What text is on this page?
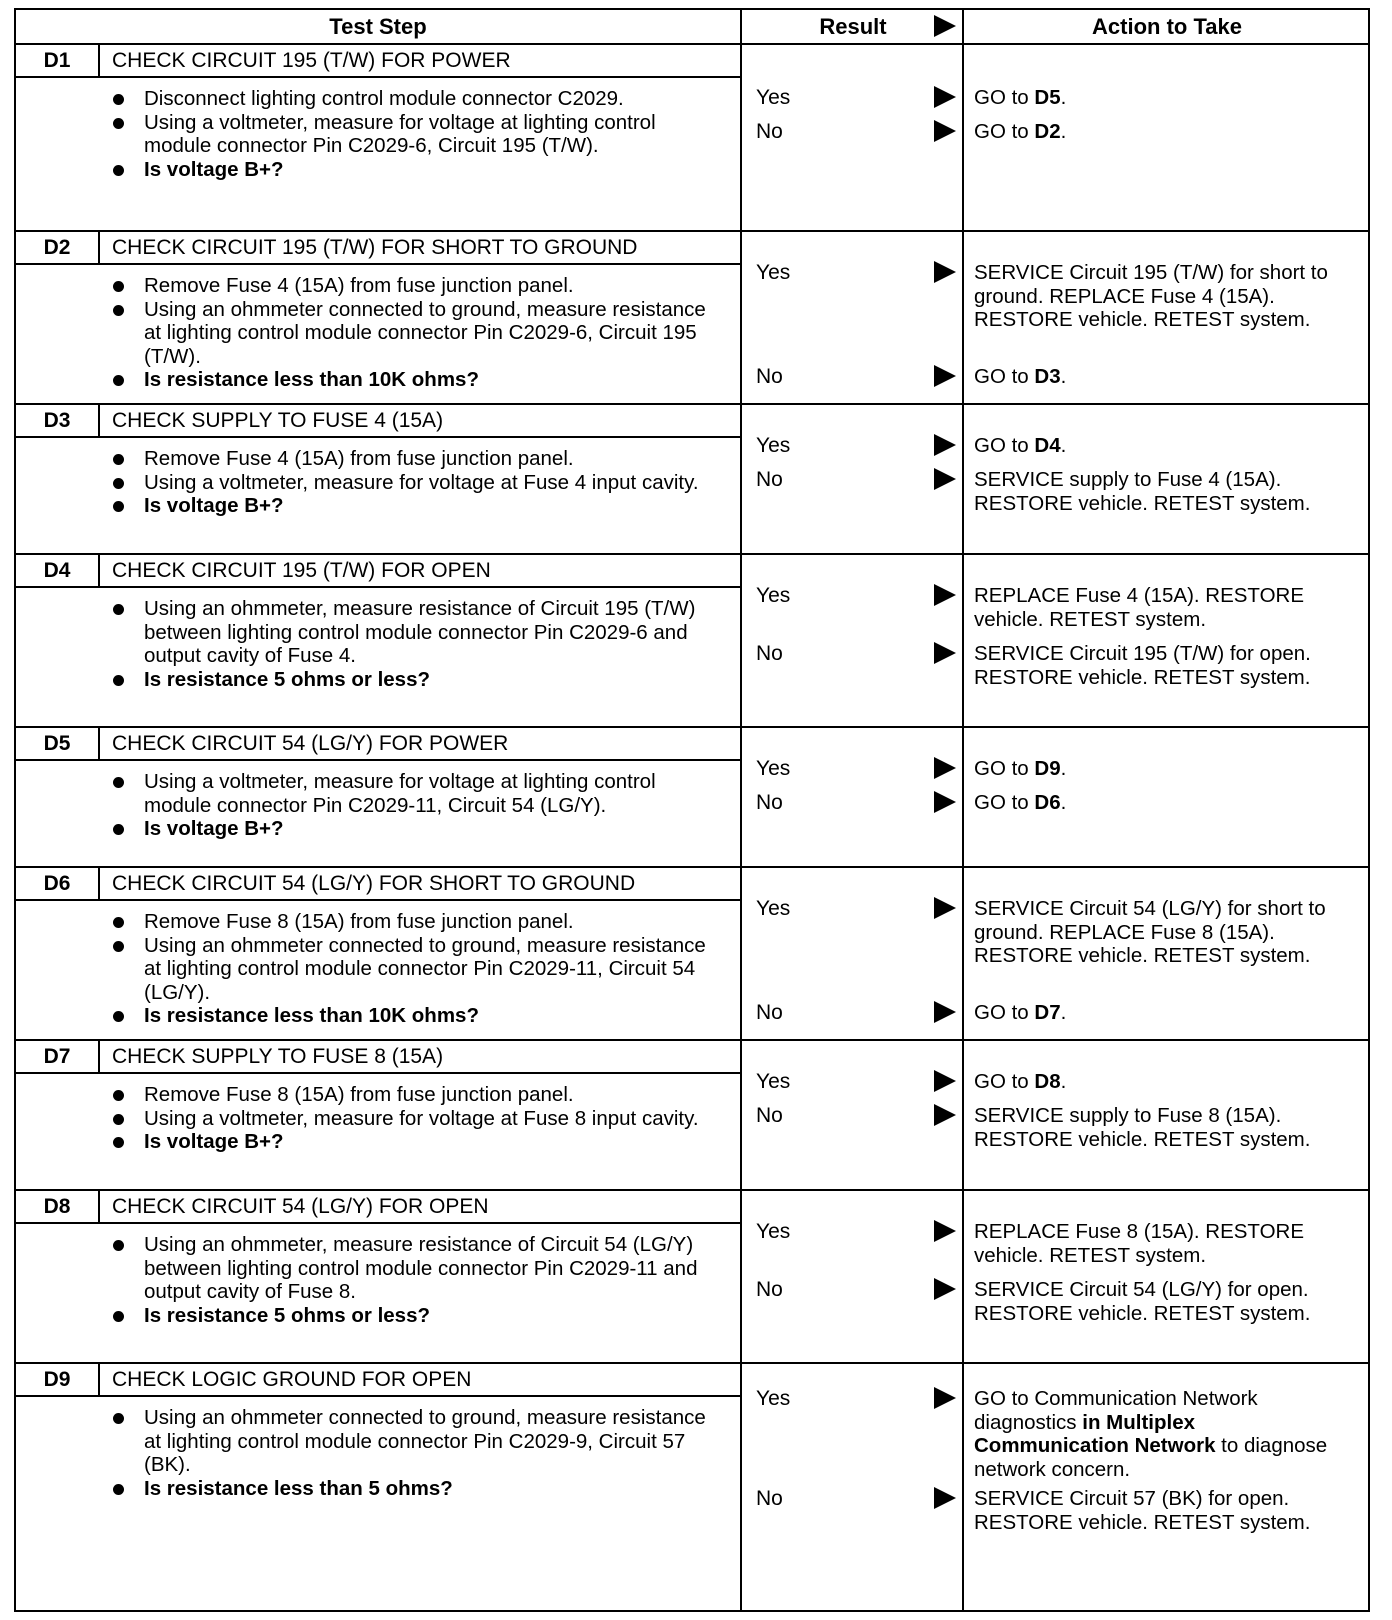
Test Step	Result	Action to Take
D1	CHECK CIRCUIT 195 (T/W) FOR POWER
Disconnect lighting control module connector C2029.
Using a voltmeter, measure for voltage at lighting control module connector Pin C2029-6, Circuit 195 (T/W).
Is voltage B+?
Yes	GO to D5.
No	GO to D2.
D2	CHECK CIRCUIT 195 (T/W) FOR SHORT TO GROUND
Remove Fuse 4 (15A) from fuse junction panel.
Using an ohmmeter connected to ground, measure resistance at lighting control module connector Pin C2029-6, Circuit 195 (T/W).
Is resistance less than 10K ohms?
Yes	SERVICE Circuit 195 (T/W) for short to ground. REPLACE Fuse 4 (15A). RESTORE vehicle. RETEST system.
No	GO to D3.
D3	CHECK SUPPLY TO FUSE 4 (15A)
Remove Fuse 4 (15A) from fuse junction panel.
Using a voltmeter, measure for voltage at Fuse 4 input cavity.
Is voltage B+?
Yes	GO to D4.
No	SERVICE supply to Fuse 4 (15A). RESTORE vehicle. RETEST system.
D4	CHECK CIRCUIT 195 (T/W) FOR OPEN
Using an ohmmeter, measure resistance of Circuit 195 (T/W) between lighting control module connector Pin C2029-6 and output cavity of Fuse 4.
Is resistance 5 ohms or less?
Yes	REPLACE Fuse 4 (15A). RESTORE vehicle. RETEST system.
No	SERVICE Circuit 195 (T/W) for open. RESTORE vehicle. RETEST system.
D5	CHECK CIRCUIT 54 (LG/Y) FOR POWER
Using a voltmeter, measure for voltage at lighting control module connector Pin C2029-11, Circuit 54 (LG/Y).
Is voltage B+?
Yes	GO to D9.
No	GO to D6.
D6	CHECK CIRCUIT 54 (LG/Y) FOR SHORT TO GROUND
Remove Fuse 8 (15A) from fuse junction panel.
Using an ohmmeter connected to ground, measure resistance at lighting control module connector Pin C2029-11, Circuit 54 (LG/Y).
Is resistance less than 10K ohms?
Yes	SERVICE Circuit 54 (LG/Y) for short to ground. REPLACE Fuse 8 (15A). RESTORE vehicle. RETEST system.
No	GO to D7.
D7	CHECK SUPPLY TO FUSE 8 (15A)
Remove Fuse 8 (15A) from fuse junction panel.
Using a voltmeter, measure for voltage at Fuse 8 input cavity.
Is voltage B+?
Yes	GO to D8.
No	SERVICE supply to Fuse 8 (15A). RESTORE vehicle. RETEST system.
D8	CHECK CIRCUIT 54 (LG/Y) FOR OPEN
Using an ohmmeter, measure resistance of Circuit 54 (LG/Y) between lighting control module connector Pin C2029-11 and output cavity of Fuse 8.
Is resistance 5 ohms or less?
Yes	REPLACE Fuse 8 (15A). RESTORE vehicle. RETEST system.
No	SERVICE Circuit 54 (LG/Y) for open. RESTORE vehicle. RETEST system.
D9	CHECK LOGIC GROUND FOR OPEN
Using an ohmmeter connected to ground, measure resistance at lighting control module connector Pin C2029-9, Circuit 57 (BK).
Is resistance less than 5 ohms?
Yes	GO to Communication Network diagnostics in Multiplex Communication Network to diagnose network concern.
No	SERVICE Circuit 57 (BK) for open. RESTORE vehicle. RETEST system.
